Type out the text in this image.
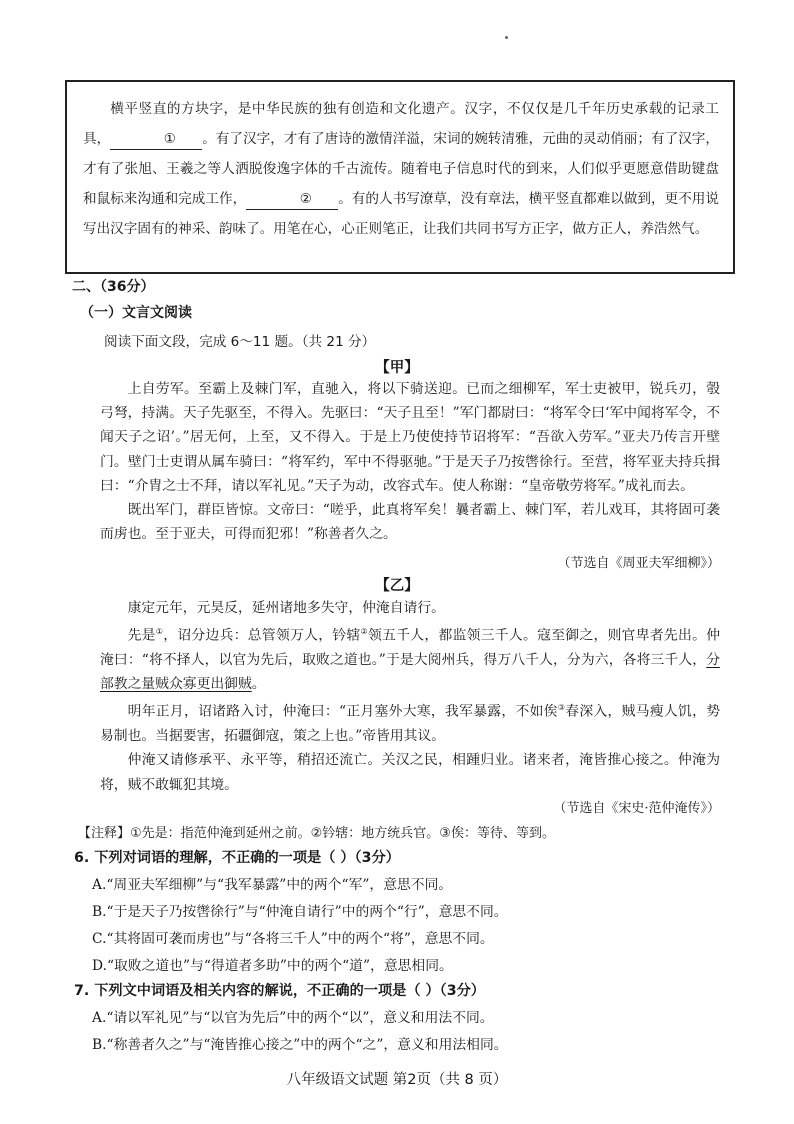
横平竖直的方块字，是中华民族的独有创造和文化遗产。汉字，不仅仅是几千年历史承载的记录工具，	① 。有了汉字，才有了唐诗的激情洋溢，宋词的婉转清雅，元曲的灵动俏丽；有了汉字，才有了张旭、王羲之等人洒脱俊逸字体的千古流传。随着电子信息时代的到来，人们似乎更愿意借助键盘和鼠标来沟通和完成工作，	② 。有的人书写潦草，没有章法，横平竖直都难以做到，更不用说写出汉字固有的神采、韵味了。用笔在心，心正则笔正，让我们共同书写方正字，做方正人，养浩然气。

二、（36分）
（一）文言文阅读
阅读下面文段，完成 6～11 题。（共 21 分）
【甲】

上自劳军。至霸上及棘门军，直驰入，将以下骑送迎。已而之细柳军，军士吏被甲，锐兵刃，彀弓弩，持满。天子先驱至，不得入。先驱曰：“天子且至！”军门都尉曰：“将军令曰‘军中闻将军令，不闻天子之诏’。”居无何，上至，又不得入。于是上乃使使持节诏将军：“吾欲入劳军。”亚夫乃传言开壁门。壁门士吏谓从属车骑曰：“将军约，军中不得驱驰。”于是天子乃按辔徐行。至营，将军亚夫持兵揖曰：“介胄之士不拜，请以军礼见。”天子为动，改容式车。使人称谢：“皇帝敬劳将军。”成礼而去。

既出军门，群臣皆惊。文帝曰：“嗟乎，此真将军矣！曩者霸上、棘门军，若儿戏耳，其将固可袭而虏也。至于亚夫，可得而犯邪！”称善者久之。

（节选自《周亚夫军细柳》）
【乙】

康定元年，元昊反，延州诸地多失守，仲淹自请行。

先是①，诏分边兵：总管领万人，钤辖②领五千人，都监领三千人。寇至御之，则官卑者先出。仲淹曰：“将不择人，以官为先后，取败之道也。”于是大阅州兵，得万八千人，分为六，各将三千人，分部教之量贼众寡更出御贼。

明年正月，诏诸路入讨，仲淹曰：“正月塞外大寒，我军暴露，不如俟③春深入，贼马瘦人饥，势易制也。当据要害，拓疆御寇，策之上也。”帝皆用其议。

仲淹又请修承平、永平等，稍招还流亡。关汉之民，相踵归业。诸来者，淹皆推心接之。仲淹为将，贼不敢辄犯其境。

（节选自《宋史·范仲淹传》）
【注释】①先是：指范仲淹到延州之前。②钤辖：地方统兵官。③俟：等待、等到。
6. 下列对词语的理解，不正确的一项是（ ）（3分）
A.“周亚夫军细柳”与“我军暴露”中的两个“军”，意思不同。
B.“于是天子乃按辔徐行”与“仲淹自请行”中的两个“行”，意思不同。
C.“其将固可袭而虏也”与“各将三千人”中的两个“将”，意思不同。
D.“取败之道也”与“得道者多助”中的两个“道”，意思相同。
7. 下列文中词语及相关内容的解说，不正确的一项是（ ）（3分）
A.“请以军礼见”与“以官为先后”中的两个“以”，意义和用法不同。
B.“称善者久之”与“淹皆推心接之”中的两个“之”，意义和用法相同。
八年级语文试题 第2页（共 8 页）
